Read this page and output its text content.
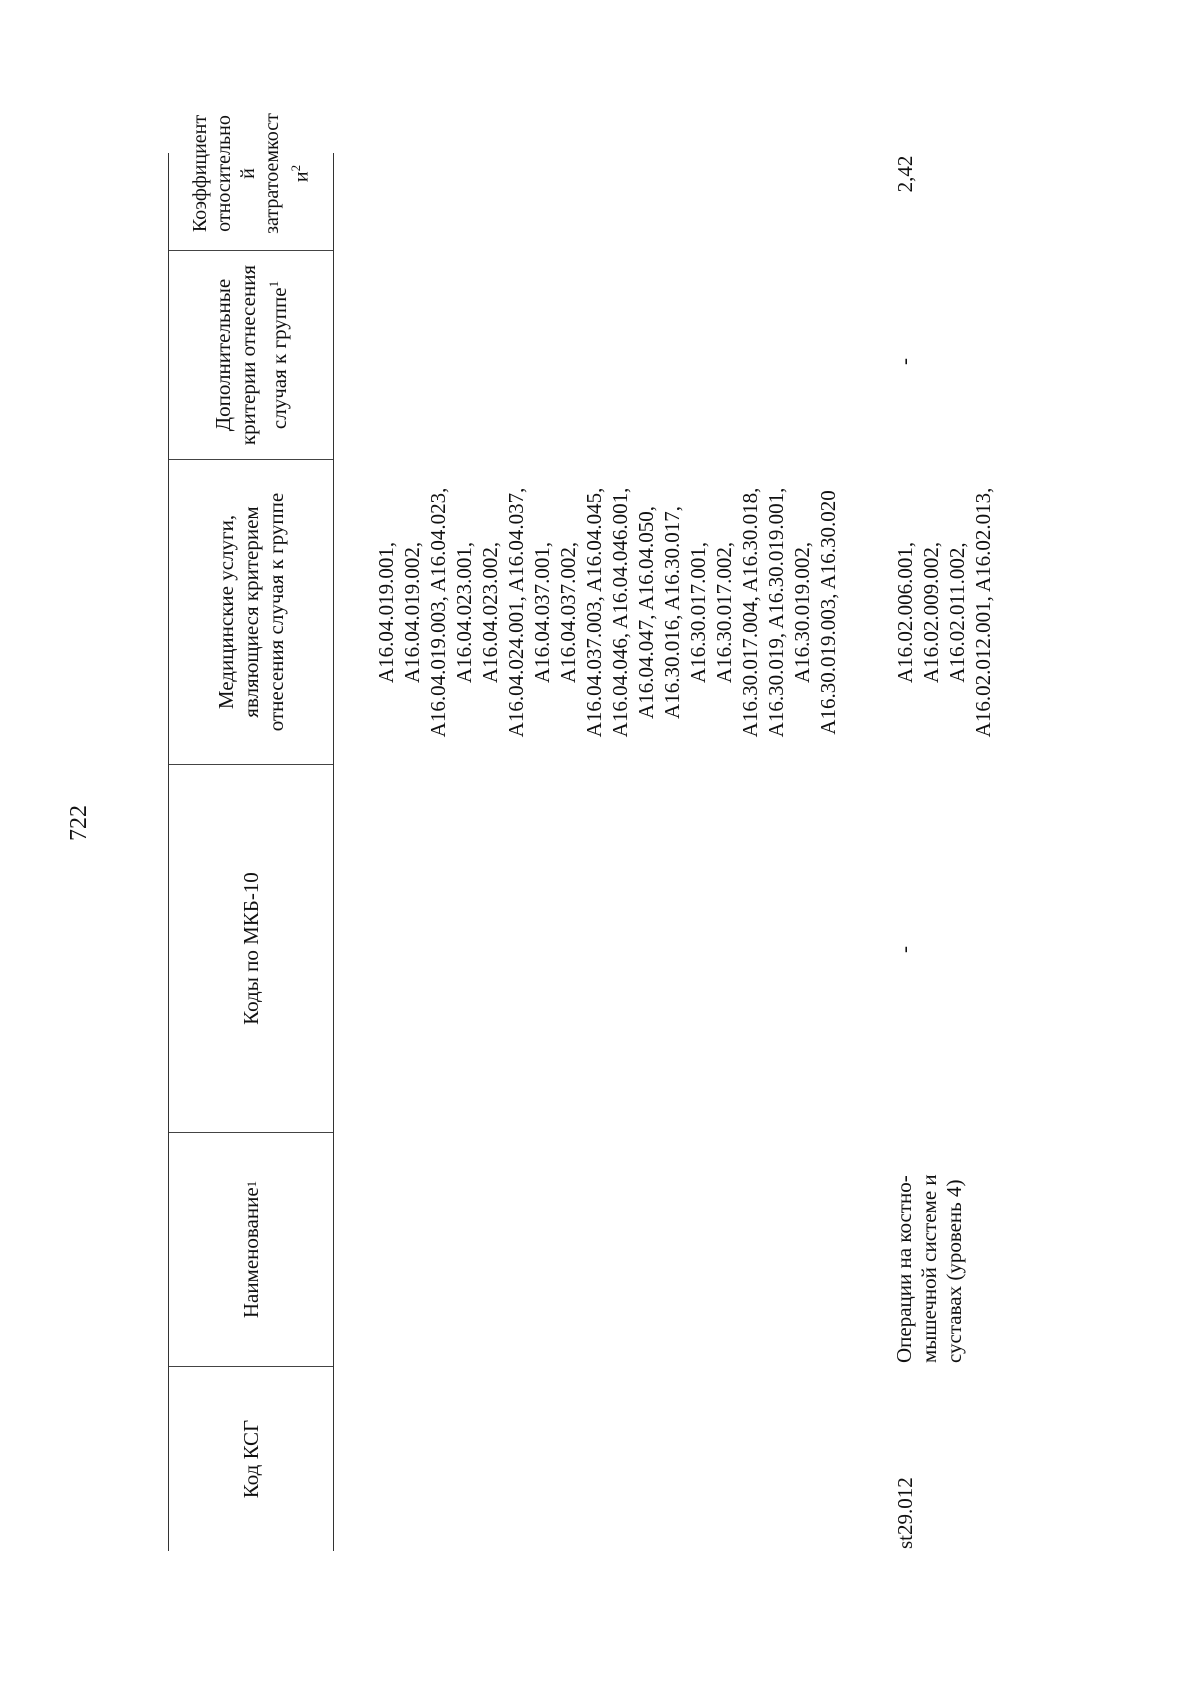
722
Код КСГ
Наименование
1
Коды по МКБ-10
Медицинские услуги, являющиеся критерием отнесения случая к группе
Дополнительные критерии отнесения случая к группе$^1$
Коэффициент относительно й затратоемкост $и^2$
A16.04.019.001, A16.04.019.002, A16.04.019.003, A16.04.023, A16.04.023.001, A16.04.023.002, A16.04.024.001, A16.04.037, A16.04.037.001, A16.04.037.002, A16.04.037.003, A16.04.045, A16.04.046, A16.04.046.001, A16.04.047, A16.04.050, A16.30.016, A16.30.017, A16.30.017.001, A16.30.017.002, A16.30.017.004, A16.30.018, A16.30.019, A16.30.019.001, A16.30.019.002, A16.30.019.003, A16.30.020
st29.012
Операции на костно- мышечной системе и суставах (уровень 4)
-
A16.02.006.001, A16.02.009.002, A16.02.011.002, A16.02.012.001, A16.02.013,
-
2,42
